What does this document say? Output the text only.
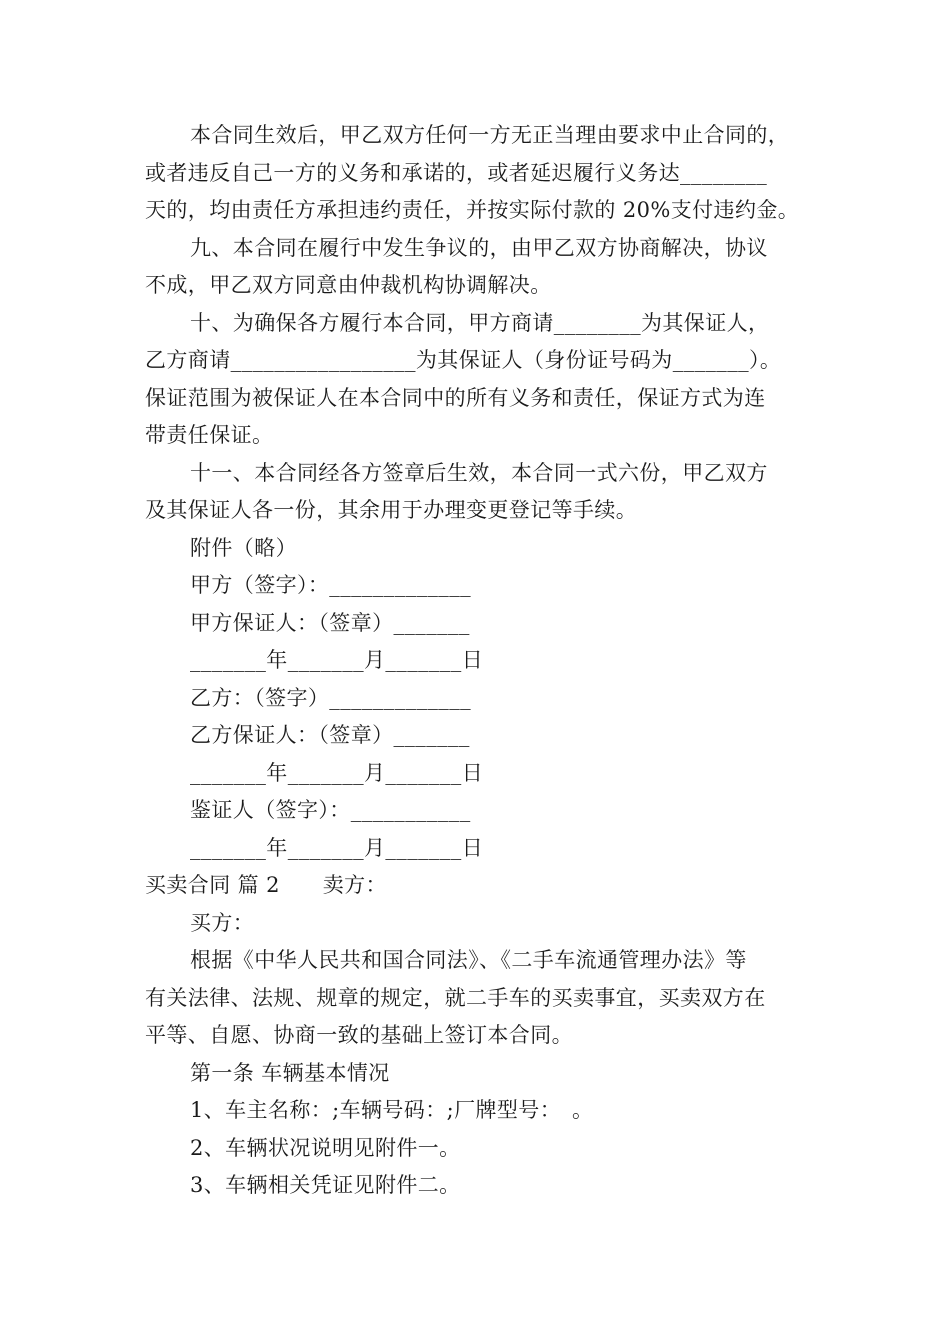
本合同生效后，甲乙双方任何一方无正当理由要求中止合同的，
或者违反自己一方的义务和承诺的，或者延迟履行义务达________
天的，均由责任方承担违约责任，并按实际付款的 20%支付违约金。
九、本合同在履行中发生争议的，由甲乙双方协商解决，协议
不成，甲乙双方同意由仲裁机构协调解决。
十、为确保各方履行本合同，甲方商请________为其保证人，
乙方商请_________________为其保证人（身份证号码为_______）。
保证范围为被保证人在本合同中的所有义务和责任，保证方式为连
带责任保证。
十一、本合同经各方签章后生效，本合同一式六份，甲乙双方
及其保证人各一份，其余用于办理变更登记等手续。
附件（略）
甲方（签字）：_____________
甲方保证人：（签章）_______
_______年_______月_______日
乙方：（签字）_____________
乙方保证人：（签章）_______
_______年_______月_______日
鉴证人（签字）：___________
_______年_______月_______日
买卖合同 篇 2　　卖方：
买方：
根据《中华人民共和国合同法》、《二手车流通管理办法》等
有关法律、法规、规章的规定，就二手车的买卖事宜，买卖双方在
平等、自愿、协商一致的基础上签订本合同。
第一条 车辆基本情况
1、车主名称：;车辆号码：;厂牌型号：　。
2、车辆状况说明见附件一。
3、车辆相关凭证见附件二。
